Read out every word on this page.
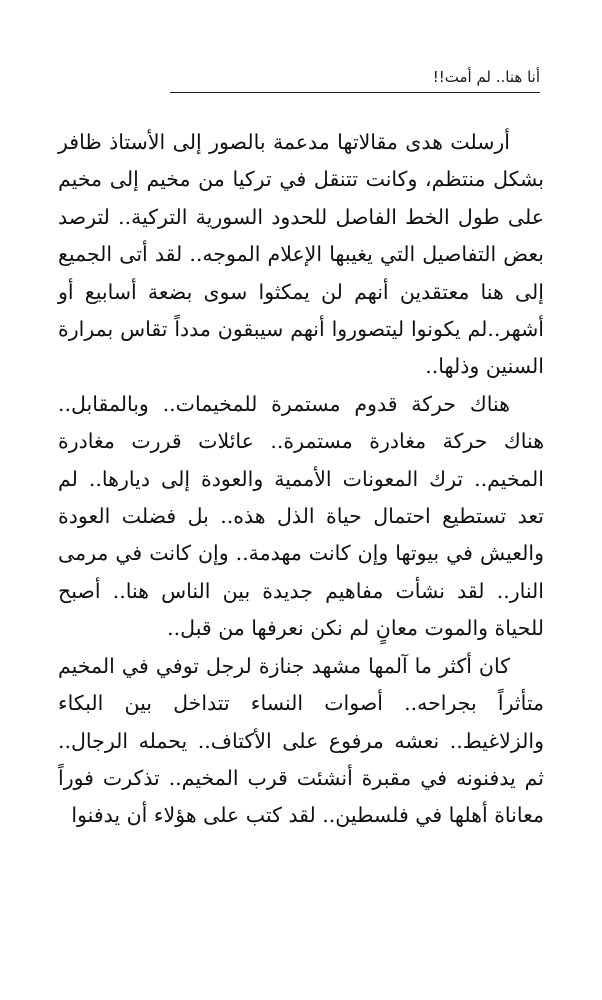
أنا هنا.. لم أمت!!

أرسلت هدى مقالاتها مدعمة بالصور إلى الأستاذ ظافر بشكل منتظم، وكانت تتنقل في تركيا من مخيم إلى مخيم على طول الخط الفاصل للحدود السورية التركية.. لترصد بعض التفاصيل التي يغيبها الإعلام الموجه.. لقد أتى الجميع إلى هنا معتقدين أنهم لن يمكثوا سوى بضعة أسابيع أو أشهر..لم يكونوا ليتصوروا أنهم سيبقون مدداً تقاس بمرارة السنين وذلها..

هناك حركة قدوم مستمرة للمخيمات.. وبالمقابل.. هناك حركة مغادرة مستمرة.. عائلات قررت مغادرة المخيم.. ترك المعونات الأممية والعودة إلى ديارها.. لم تعد تستطيع احتمال حياة الذل هذه.. بل فضلت العودة والعيش في بيوتها وإن كانت مهدمة.. وإن كانت في مرمى النار.. لقد نشأت مفاهيم جديدة بين الناس هنا.. أصبح للحياة والموت معانٍ لم نكن نعرفها من قبل..

كان أكثر ما آلمها مشهد جنازة لرجل توفي في المخيم متأثراً بجراحه.. أصوات النساء تتداخل بين البكاء والزلاغيط.. نعشه مرفوع على الأكتاف.. يحمله الرجال.. ثم يدفنونه في مقبرة أنشئت قرب المخيم.. تذكرت فوراً معاناة أهلها في فلسطين.. لقد كتب على هؤلاء أن يدفنوا
